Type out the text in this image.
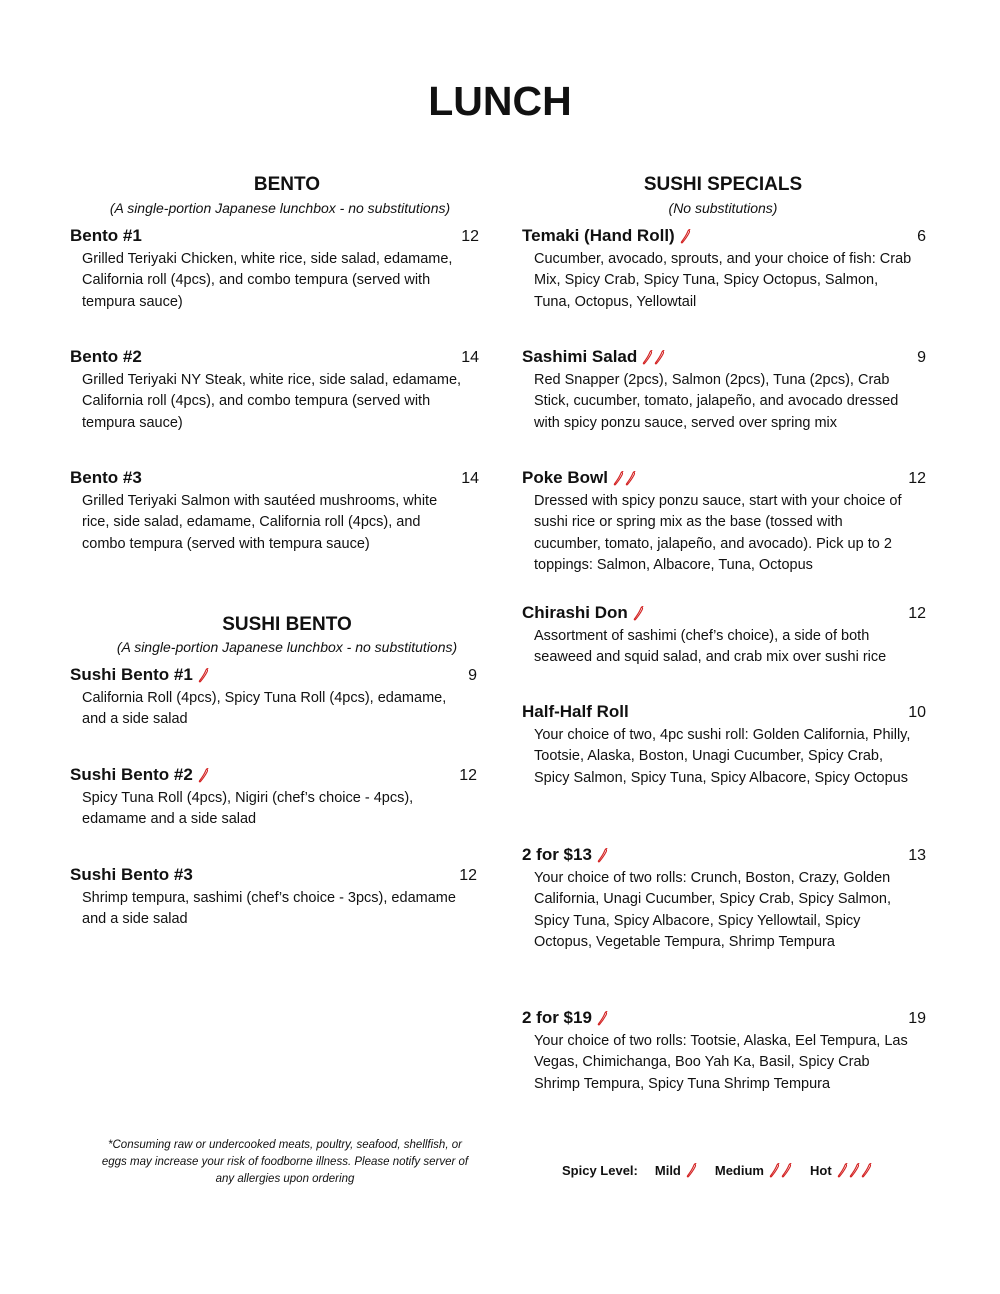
LUNCH
BENTO
(A single-portion Japanese lunchbox - no substitutions)
Bento #1	12
Grilled Teriyaki Chicken, white rice, side salad, edamame, California roll (4pcs), and combo tempura (served with tempura sauce)
Bento #2	14
Grilled Teriyaki NY Steak, white rice, side salad, edamame, California roll (4pcs), and combo tempura (served with tempura sauce)
Bento #3	14
Grilled Teriyaki Salmon with sautéed mushrooms, white rice, side salad, edamame, California roll (4pcs), and combo tempura (served with tempura sauce)
SUSHI BENTO
(A single-portion Japanese lunchbox - no substitutions)
Sushi Bento #1	9
California Roll (4pcs), Spicy Tuna Roll (4pcs), edamame, and a side salad
Sushi Bento #2	12
Spicy Tuna Roll (4pcs), Nigiri (chef’s choice - 4pcs), edamame and a side salad
Sushi Bento #3	12
Shrimp tempura, sashimi (chef’s choice - 3pcs), edamame and a side salad
SUSHI SPECIALS
(No substitutions)
Temaki (Hand Roll)	6
Cucumber, avocado, sprouts, and your choice of fish: Crab Mix, Spicy Crab, Spicy Tuna, Spicy Octopus, Salmon, Tuna, Octopus, Yellowtail
Sashimi Salad	9
Red Snapper (2pcs), Salmon (2pcs), Tuna (2pcs), Crab Stick, cucumber, tomato, jalapeño, and avocado dressed with spicy ponzu sauce, served over spring mix
Poke Bowl	12
Dressed with spicy ponzu sauce, start with your choice of sushi rice or spring mix as the base (tossed with cucumber, tomato, jalapeño, and avocado). Pick up to 2 toppings: Salmon, Albacore, Tuna, Octopus
Chirashi Don	12
Assortment of sashimi (chef’s choice), a side of both seaweed and squid salad, and crab mix over sushi rice
Half-Half Roll	10
Your choice of two, 4pc sushi roll: Golden California, Philly, Tootsie, Alaska, Boston, Unagi Cucumber, Spicy Crab, Spicy Salmon, Spicy Tuna, Spicy Albacore, Spicy Octopus
2 for $13	13
Your choice of two rolls: Crunch, Boston, Crazy, Golden California, Unagi Cucumber, Spicy Crab, Spicy Salmon, Spicy Tuna, Spicy Albacore, Spicy Yellowtail, Spicy Octopus, Vegetable Tempura, Shrimp Tempura
2 for $19	19
Your choice of two rolls: Tootsie, Alaska, Eel Tempura, Las Vegas, Chimichanga, Boo Yah Ka, Basil, Spicy Crab Shrimp Tempura, Spicy Tuna Shrimp Tempura
*Consuming raw or undercooked meats, poultry, seafood, shellfish, or eggs may increase your risk of foodborne illness. Please notify server of any allergies upon ordering
Spicy Level: Mild	Medium	Hot
